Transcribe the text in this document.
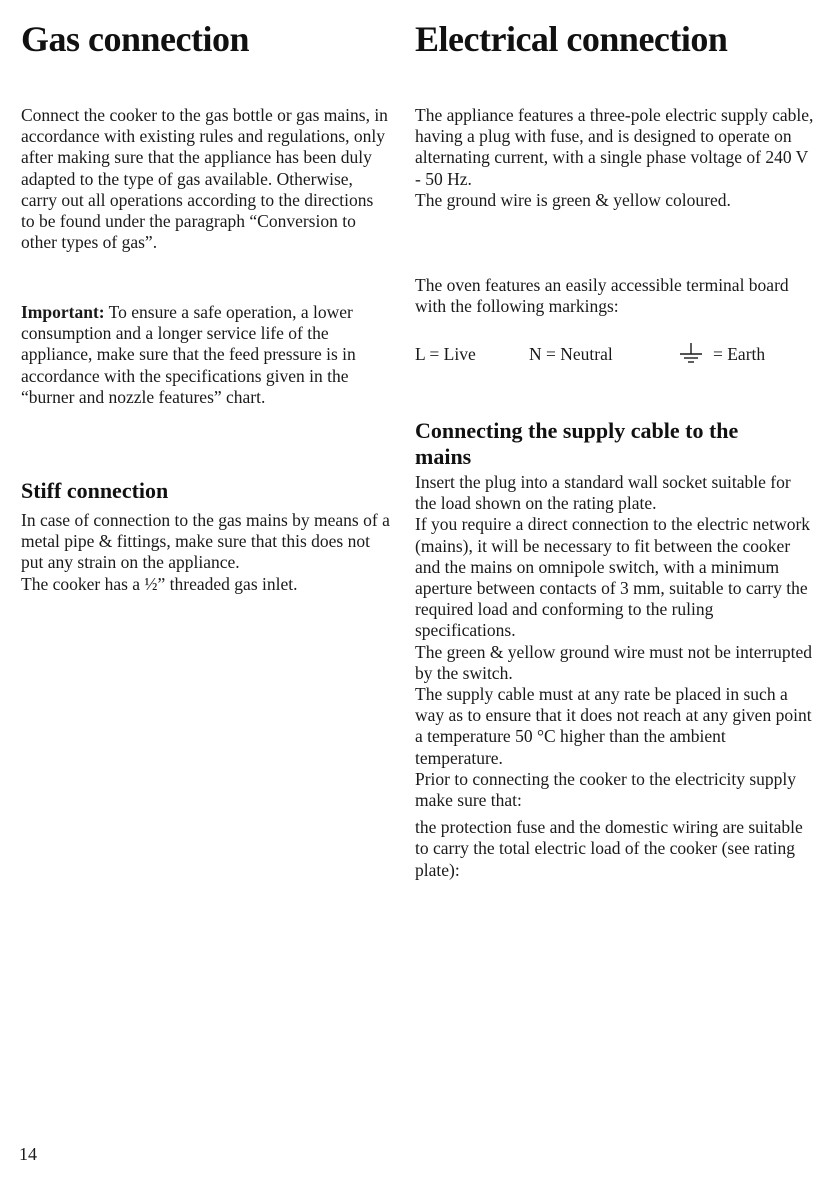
Gas connection

Connect the cooker to the gas bottle or gas mains, in accordance with existing rules and regulations, only after making sure that the appliance has been duly adapted to the type of gas available. Otherwise, carry out all operations according to the directions to be found under the paragraph “Conversion to other types of gas”.

Important: To ensure a safe operation, a lower consumption and a longer service life of the appliance, make sure that the feed pressure is in accordance with the specifications given in the “burner and nozzle features” chart.

Stiff connection

In case of connection to the gas mains by means of a metal pipe & fittings, make sure that this does not put any strain on the appliance.

The cooker has a ½” threaded gas inlet.

Electrical connection

The appliance features a three-pole electric supply cable, having a plug with fuse, and is designed to operate on alternating current, with a single phase voltage of 240 V - 50 Hz.

The ground wire is green & yellow coloured.

The oven features an easily accessible terminal board with the following markings:

L = Live	N = Neutral	= Earth
Connecting the supply cable to the mains

Insert the plug into a standard wall socket suitable for the load shown on the rating plate.

If you require a direct connection to the electric network (mains), it will be necessary to fit between the cooker and the mains on omnipole switch, with a minimum aperture between contacts of 3 mm, suitable to carry the required load and conforming to the ruling specifications.

The green & yellow ground wire must not be interrupted by the switch.

The supply cable must at any rate be placed in such a way as to ensure that it does not reach at any given point a temperature 50 °C higher than the ambient temperature.

Prior to connecting the cooker to the electricity supply make sure that:

the protection fuse and the domestic wiring are suitable to carry the total electric load of the cooker (see rating plate):

14
